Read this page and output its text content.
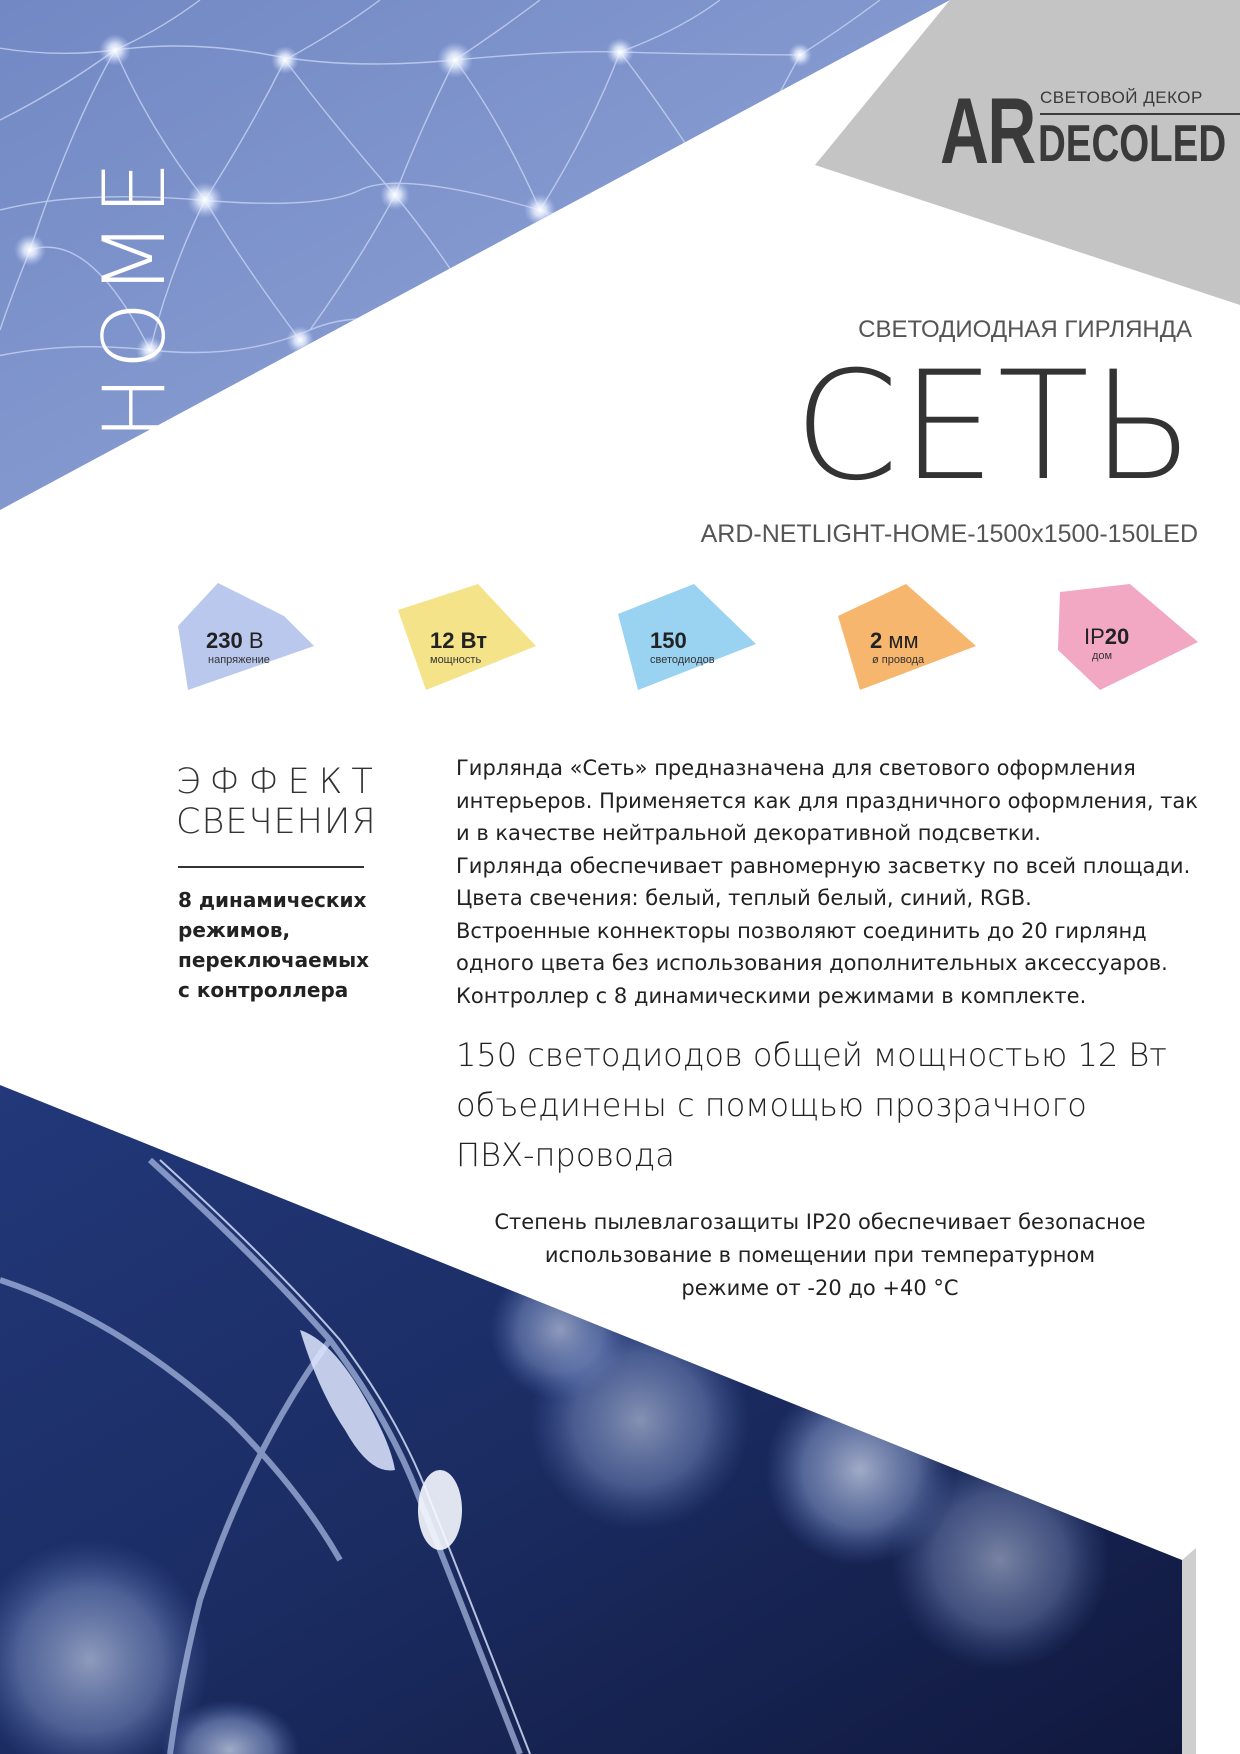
HOME
СВЕТОВОЙ ДЕКОР
AR DECOLED
СВЕТОДИОДНАЯ ГИРЛЯНДА
СЕТЬ
ARD-NETLIGHT-HOME-1500x1500-150LED
230 В
напряжение
12 Вт
мощность
150
светодиодов
2 мм
ø провода
IP20
дом
ЭФФЕКТ
СВЕЧЕНИЯ
8 динамических
режимов,
переключаемых
с контроллера
Гирлянда «Сеть» предназначена для светового оформления
интерьеров. Применяется как для праздничного оформления, так
и в качестве нейтральной декоративной подсветки.
Гирлянда обеспечивает равномерную засветку по всей площади.
Цвета свечения: белый, теплый белый, синий, RGB.
Встроенные коннекторы позволяют соединить до 20 гирлянд
одного цвета без использования дополнительных аксессуаров.
Контроллер с 8 динамическими режимами в комплекте.
150 светодиодов общей мощностью 12 Вт
объединены с помощью прозрачного
ПВХ-провода
Степень пылевлагозащиты IP20 обеспечивает безопасное
использование в помещении при температурном
режиме от -20 до +40 °C
